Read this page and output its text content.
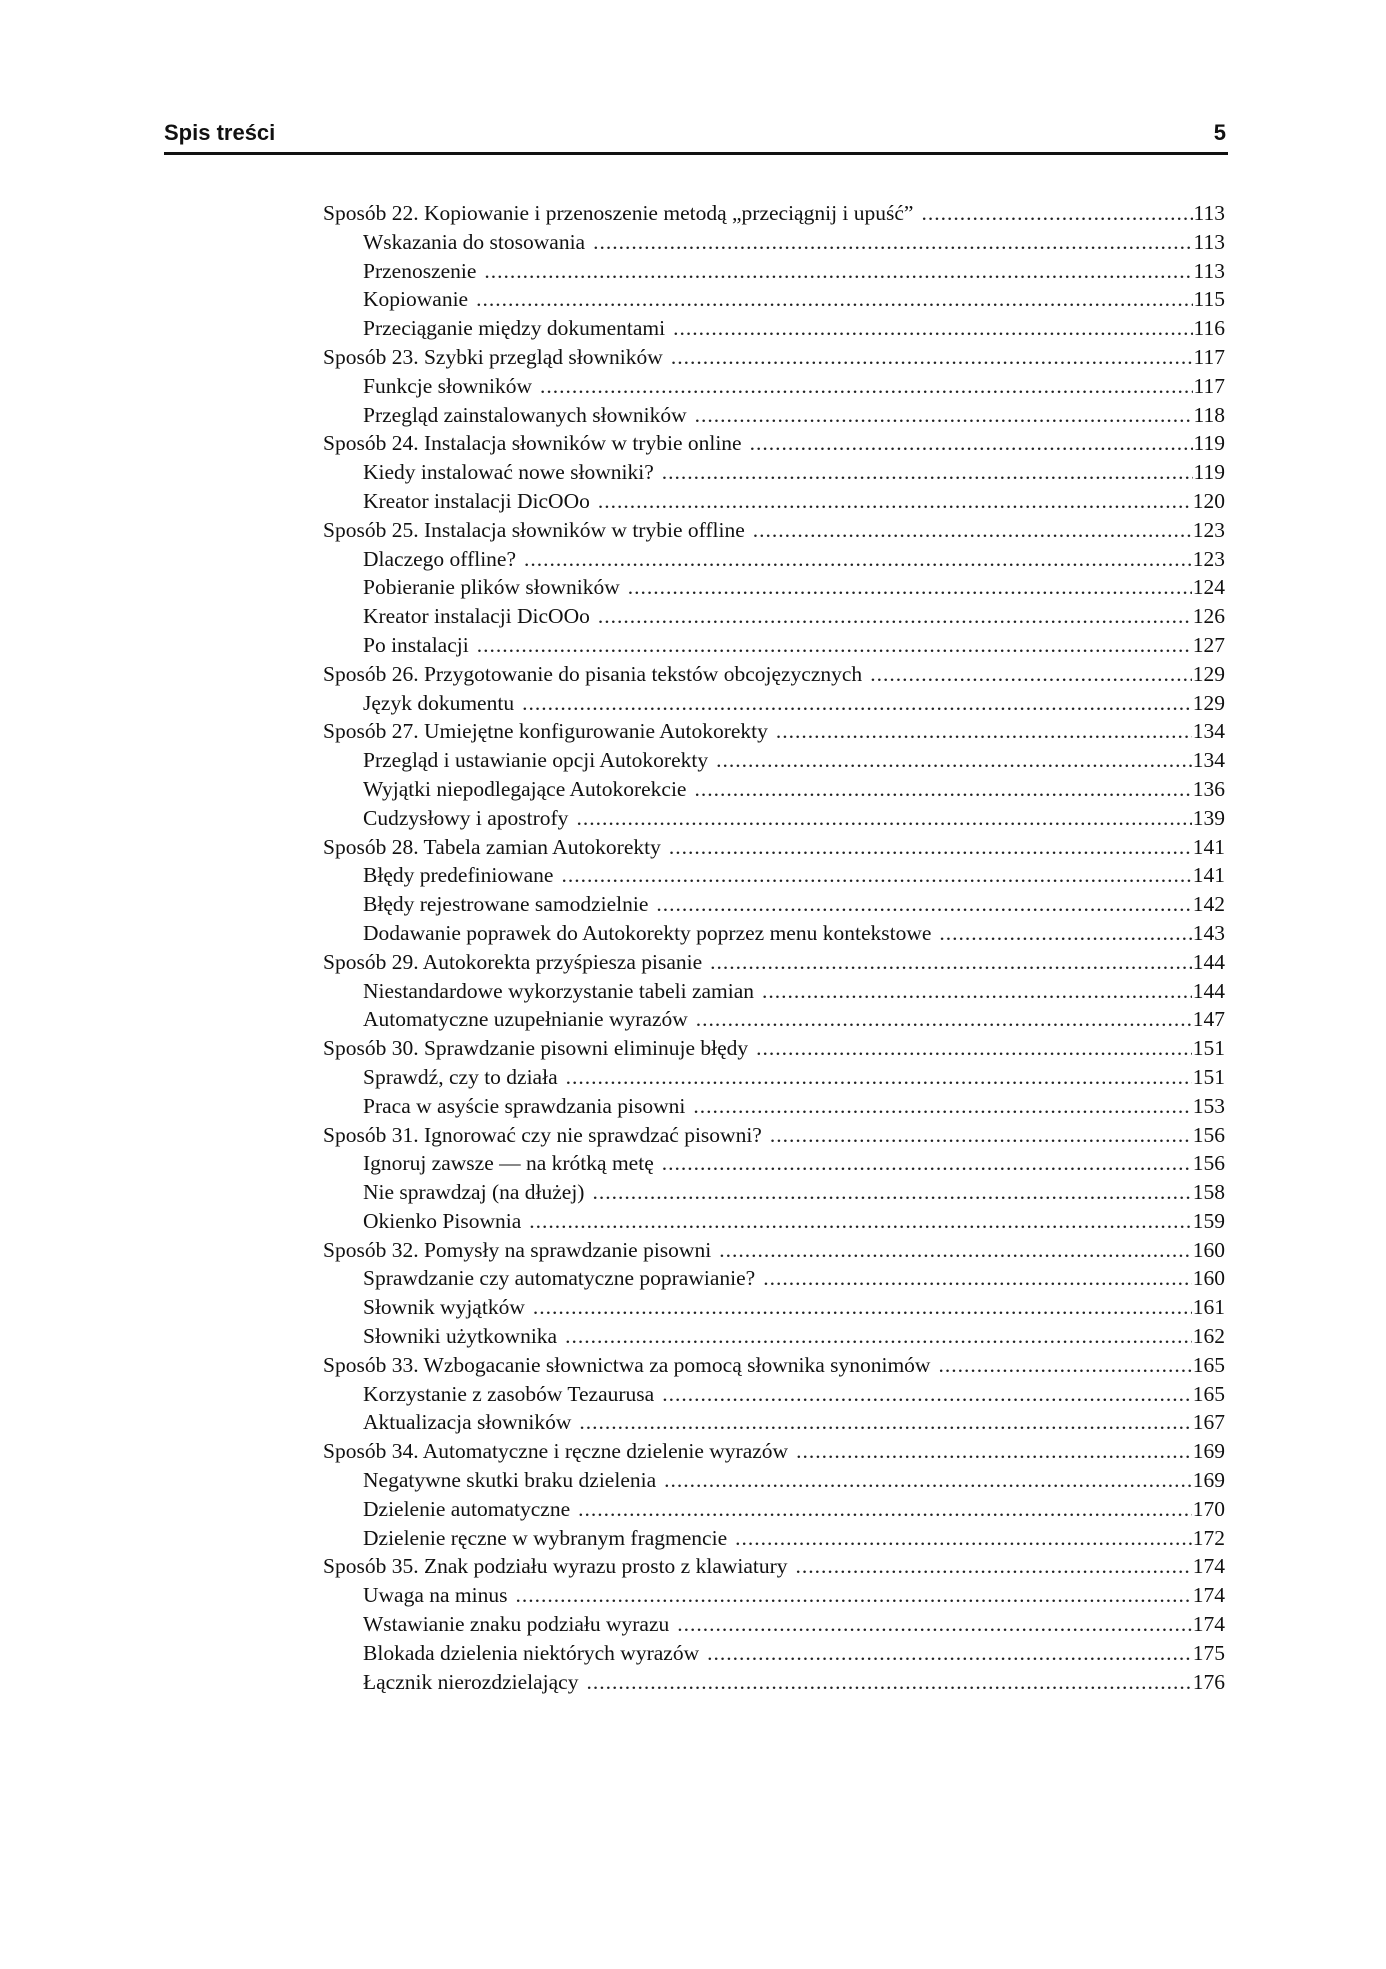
Spis treści	5
Sposób 22. Kopiowanie i przenoszenie metodą „przeciągnij i upuść” .....	113
Wskazania do stosowania .....	113
Przenoszenie .....	113
Kopiowanie .....	115
Przeciąganie między dokumentami .....	116
Sposób 23. Szybki przegląd słowników .....	117
Funkcje słowników .....	117
Przegląd zainstalowanych słowników .....	118
Sposób 24. Instalacja słowników w trybie online .....	119
Kiedy instalować nowe słowniki? .....	119
Kreator instalacji DicOOo .....	120
Sposób 25. Instalacja słowników w trybie offline .....	123
Dlaczego offline? .....	123
Pobieranie plików słowników .....	124
Kreator instalacji DicOOo .....	126
Po instalacji .....	127
Sposób 26. Przygotowanie do pisania tekstów obcojęzycznych .....	129
Język dokumentu .....	129
Sposób 27. Umiejętne konfigurowanie Autokorekty .....	134
Przegląd i ustawianie opcji Autokorekty .....	134
Wyjątki niepodlegające Autokorekcie .....	136
Cudzysłowy i apostrofy .....	139
Sposób 28. Tabela zamian Autokorekty .....	141
Błędy predefiniowane .....	141
Błędy rejestrowane samodzielnie .....	142
Dodawanie poprawek do Autokorekty poprzez menu kontekstowe .....	143
Sposób 29. Autokorekta przyśpiesza pisanie .....	144
Niestandardowe wykorzystanie tabeli zamian .....	144
Automatyczne uzupełnianie wyrazów .....	147
Sposób 30. Sprawdzanie pisowni eliminuje błędy .....	151
Sprawdź, czy to działa .....	151
Praca w asyście sprawdzania pisowni .....	153
Sposób 31. Ignorować czy nie sprawdzać pisowni? .....	156
Ignoruj zawsze — na krótką metę .....	156
Nie sprawdzaj (na dłużej) .....	158
Okienko Pisownia .....	159
Sposób 32. Pomysły na sprawdzanie pisowni .....	160
Sprawdzanie czy automatyczne poprawianie? .....	160
Słownik wyjątków .....	161
Słowniki użytkownika .....	162
Sposób 33. Wzbogacanie słownictwa za pomocą słownika synonimów .....	165
Korzystanie z zasobów Tezaurusa .....	165
Aktualizacja słowników .....	167
Sposób 34. Automatyczne i ręczne dzielenie wyrazów .....	169
Negatywne skutki braku dzielenia .....	169
Dzielenie automatyczne .....	170
Dzielenie ręczne w wybranym fragmencie .....	172
Sposób 35. Znak podziału wyrazu prosto z klawiatury .....	174
Uwaga na minus .....	174
Wstawianie znaku podziału wyrazu .....	174
Blokada dzielenia niektórych wyrazów .....	175
Łącznik nierozdzielający .....	176
